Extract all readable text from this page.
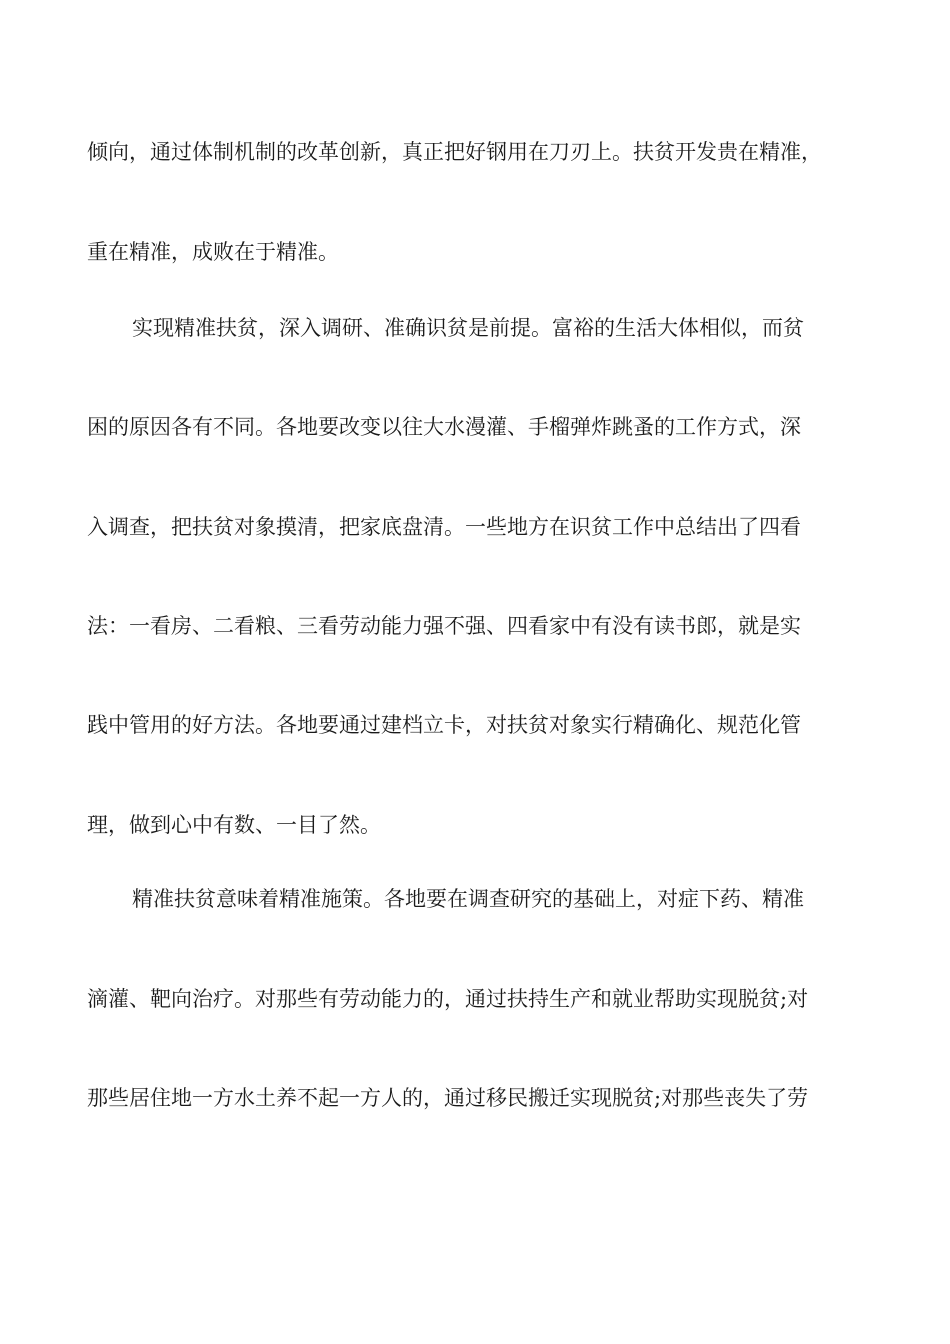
倾向，通过体制机制的改革创新，真正把好钢用在刀刃上。扶贫开发贵在精准，
重在精准，成败在于精准。
实现精准扶贫，深入调研、准确识贫是前提。富裕的生活大体相似，而贫
困的原因各有不同。各地要改变以往大水漫灌、手榴弹炸跳蚤的工作方式，深
入调查，把扶贫对象摸清，把家底盘清。一些地方在识贫工作中总结出了四看
法：一看房、二看粮、三看劳动能力强不强、四看家中有没有读书郎，就是实
践中管用的好方法。各地要通过建档立卡，对扶贫对象实行精确化、规范化管
理，做到心中有数、一目了然。
精准扶贫意味着精准施策。各地要在调查研究的基础上，对症下药、精准
滴灌、靶向治疗。对那些有劳动能力的，通过扶持生产和就业帮助实现脱贫;对
那些居住地一方水土养不起一方人的，通过移民搬迁实现脱贫;对那些丧失了劳
